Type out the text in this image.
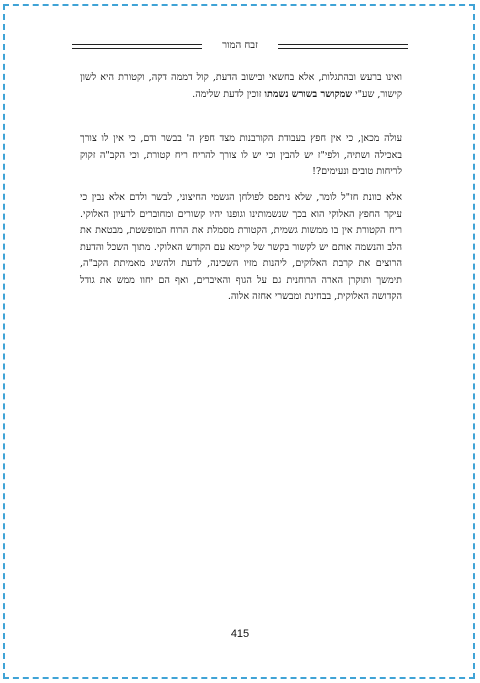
זבח המור
ואינו ברעש ובהתגלות, אלא בחשאי ובישוב הדעת, קול דממה דקה, וקטורת היא לשון קישור, שע"י שמקושר בשורש נשמתו זוכין לדעת שלימה.
עולה מכאן, כי אין חפץ בעבודת הקורבנות מצד חפץ ה' בבשר ודם, כי אין לו צורך באכילה ושתיה, ולפי"ז יש להבין וכי יש לו צורך להריח ריח קטורת, וכי הקב"ה זקוק לריחות טובים ונעימים?!
אלא כוונת חז"ל לומר, שלא ניתפס לפולחן הגשמי החיצוני, לבשר ולדם אלא נבין כי עיקר החפץ האלוקי הוא בכך שנשמותינו וגופנו יהיו קשורים ומחוברים לרעיון האלוקי. ריח הקטורת אין בו ממשות גשמית, הקטורת מסמלת את הרוח המופשטת, מבטאת את הלב והנשמה אותם יש לקשור בקשר של קיימא עם הקודש האלוקי. מתוך השכל והדעת הרוצים את קרבת האלוקים, ליהנות מזיו השכינה, לדעת ולהשיג מאמיתת הקב"ה, תימשך ותוקרן הארה הרוחנית גם על הגוף והאיברים, ואף הם יחוו ממש את גודל הקדושה האלוקית, בבחינת ומבשרי אחזה אלוה.
415
